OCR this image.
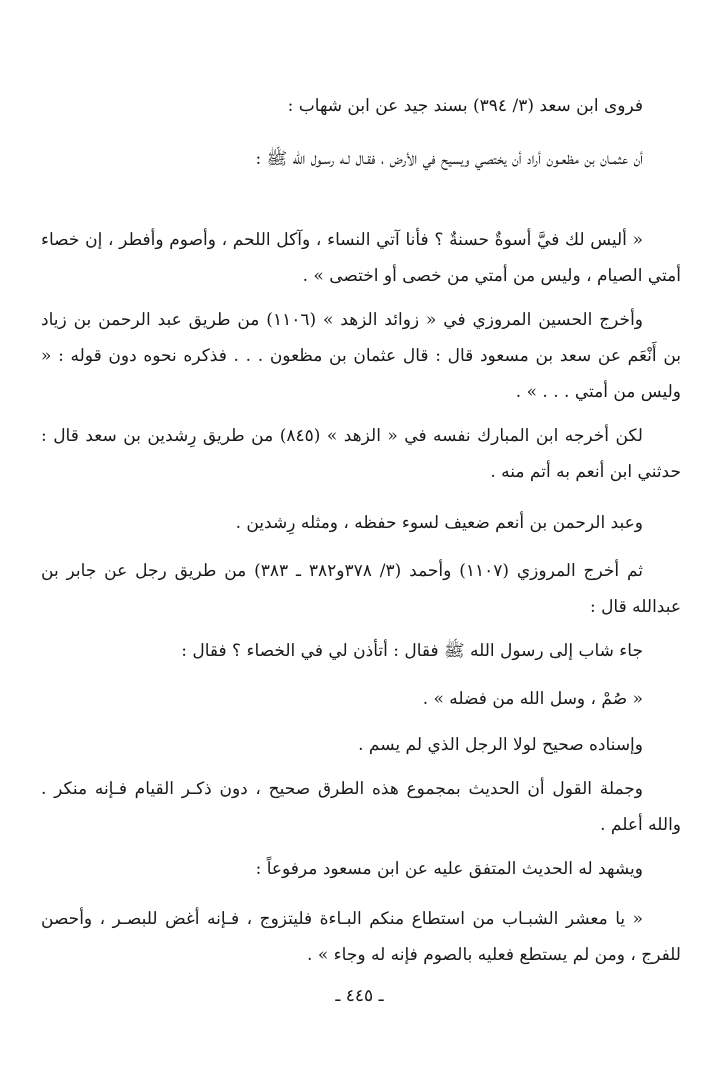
فروى ابن سعد (٣/ ٣٩٤) بسند جيد عن ابن شهاب :

أن عثمـان بن مظعـون أراد أن يختصي ويسيح في الأرض ، فقـال لـه رسـول الله ﷺ :

« أليس لك فيَّ أسوةٌ حسنةٌ ؟ فأنا آتي النساء ، وآكل اللحم ، وأصوم وأفطر ، إن خصاء أمتي الصيام ، وليس من أمتي من خصى أو اختصى » .

وأخرج الحسين المروزي في « زوائد الزهد » (١١٠٦) من طريق عبد الرحمن بن زياد بن أَنْعَم عن سعد بن مسعود قال : قال عثمان بن مظعون . . . فذكره نحوه دون قوله : « وليس من أمتي . . . » .

لكن أخرجه ابن المبارك نفسه في « الزهد » (٨٤٥) من طريق رِشدين بن سعد قال : حدثني ابن أنعم به أتم منه .

وعبد الرحمن بن أنعم ضعيف لسوء حفظه ، ومثله رِشدين .

ثم أخرج المروزي (١١٠٧) وأحمد (٣/ ٣٧٨و٣٨٢ ـ ٣٨٣) من طريق رجل عن جابر بن عبدالله قال :

جاء شاب إلى رسول الله ﷺ فقال : أتأذن لي في الخصاء ؟ فقال :

« صُمْ ، وسل الله من فضله » .

وإسناده صحيح لولا الرجل الذي لم يسم .

وجملة القول أن الحديث بمجموع هذه الطرق صحيح ، دون ذكـر القيام فـإنه منكر . والله أعلم .

ويشهد له الحديث المتفق عليه عن ابن مسعود مرفوعاً :

« يا معشر الشبـاب من استطاع منكم البـاءة فليتزوج ، فـإنه أغض للبصـر ، وأحصن للفرج ، ومن لم يستطع فعليه بالصوم فإنه له وجاء » .

ـ ٤٤٥ ـ
